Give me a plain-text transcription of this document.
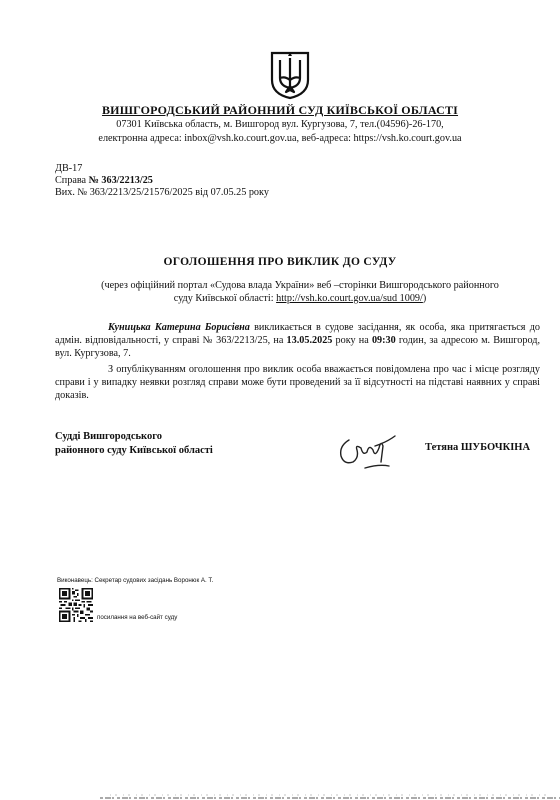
ВИШГОРОДСЬКИЙ РАЙОННИЙ СУД КИЇВСЬКОЇ ОБЛАСТІ
07301 Київська область, м. Вишгород вул. Кургузова, 7, тел.(04596)-26-170,
електронна адреса: inbox@vsh.ko.court.gov.ua, веб-адреса: https://vsh.ko.court.gov.ua
ДВ-17
Справа № 363/2213/25
Вих. № 363/2213/25/21576/2025 від 07.05.25 року
ОГОЛОШЕННЯ ПРО ВИКЛИК ДО СУДУ
(через офіційний портал «Судова влада України» веб –сторінки Вишгородського районного суду Київської області: http://vsh.ko.court.gov.ua/sud 1009/)
Куницька Катерина Борисівна викликається в судове засідання, як особа, яка притягається до адмін. відповідальності, у справі № 363/2213/25, на 13.05.2025 року на 09:30 годин, за адресою м. Вишгород, вул. Кургузова, 7.
З опублікуванням оголошення про виклик особа вважається повідомлена про час і місце розгляду справи і у випадку неявки розгляд справи може бути проведений за її відсутності на підставі наявних у справі доказів.
Судді Вишгородського
районного суду Київської області	Тетяна ШУБОЧКІНА
Виконавець: Секретар судових засідань Воронюк А. Т.
посилання на веб-сайт суду
